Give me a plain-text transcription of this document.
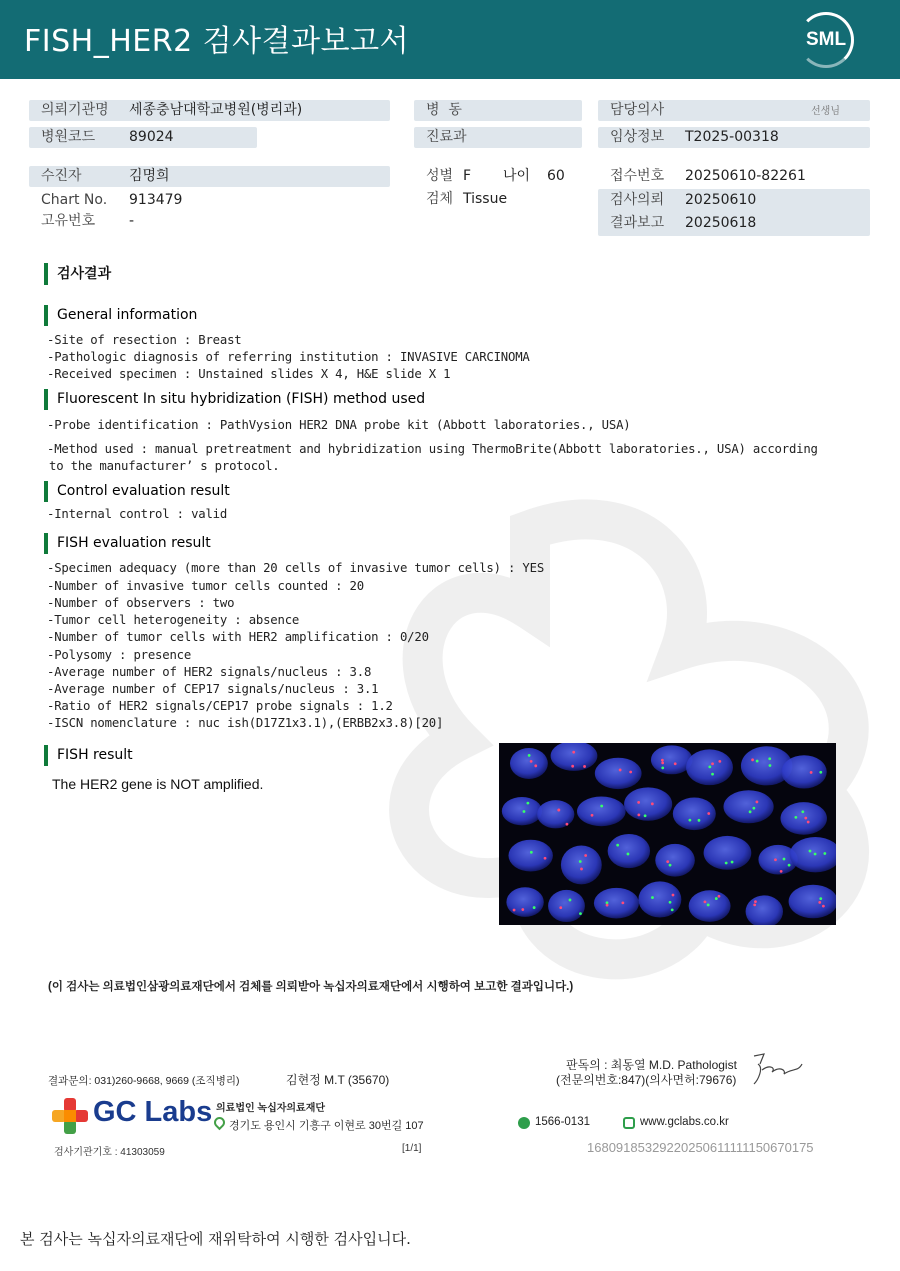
FISH_HER2 검사결과보고서	SML
의뢰기관명 세종충남대학교병원(병리과)
병원코드 89024
수진자	김명희
Chart No. 913479
고유번호 -
병  동
진료과
성별 F 나이 60
검체 Tissue
담당의사	선생님
임상정보 T2025-00318
접수번호 20250610-82261
검사의뢰 20250610
결과보고 20250618
검사결과
General information
-Site of resection : Breast
-Pathologic diagnosis of referring institution : INVASIVE CARCINOMA
-Received specimen : Unstained slides X 4, H&E slide X 1
Fluorescent In situ hybridization (FISH) method used
-Probe identification : PathVysion HER2 DNA probe kit (Abbott laboratories., USA)
-Method used : manual pretreatment and hybridization using ThermoBrite(Abbott laboratories., USA) according
to the manufacturer’ s protocol.
Control evaluation result
-Internal control : valid
FISH evaluation result
-Specimen adequacy (more than 20 cells of invasive tumor cells) : YES
-Number of invasive tumor cells counted : 20
-Number of observers : two
-Tumor cell heterogeneity : absence
-Number of tumor cells with HER2 amplification : 0/20
-Polysomy : presence
-Average number of HER2 signals/nucleus : 3.8
-Average number of CEP17 signals/nucleus : 3.1
-Ratio of HER2 signals/CEP17 probe signals : 1.2
-ISCN nomenclature : nuc ish(D17Z1x3.1),(ERBB2x3.8)[20]
FISH result
The HER2 gene is NOT amplified.
(이 검사는 의료법인삼광의료재단에서 검체를 의뢰받아 녹십자의료재단에서 시행하여 보고한 결과입니다.)
결과문의: 031)260-9668, 9669 (조직병리)	김현정 M.T (35670)
판독의 : 최동열 M.D. Pathologist
(전문의번호:847)(의사면허:79676)
GC Labs 의료법인 녹십자의료재단
경기도 용인시 기흥구 이현로 30번길 107	1566-0131	www.gclabs.co.kr
검사기관기호 : 41303059	[1/1]	16809185329220250611111150670175
본 검사는 녹십자의료재단에 재위탁하여 시행한 검사입니다.
